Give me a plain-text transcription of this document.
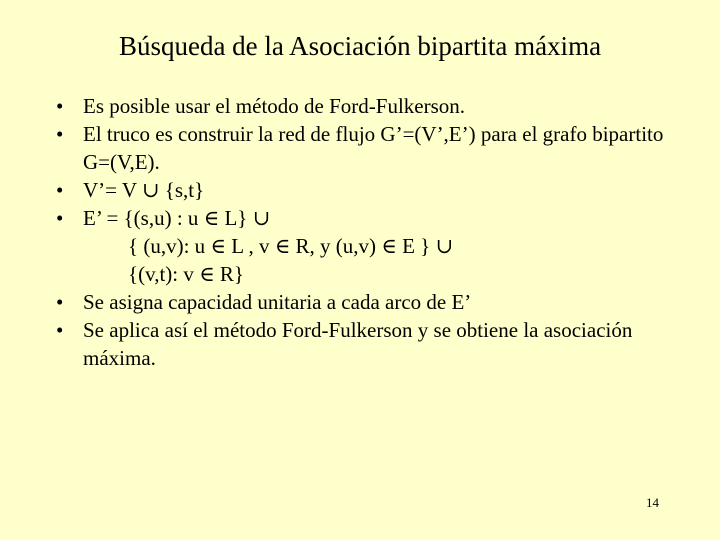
Búsqueda de la Asociación bipartita máxima
• Es posible usar el método de Ford-Fulkerson.
• El truco es construir la red de flujo G’=(V’,E’) para el grafo bipartito G=(V,E).
• V’= V ∪ {s,t}
• E’ = {(s,u) : u ∈ L} ∪
{ (u,v): u ∈ L , v ∈ R, y (u,v) ∈ E } ∪
{(v,t): v ∈ R}
• Se asigna capacidad unitaria a cada arco de E’
• Se aplica así el método Ford-Fulkerson y se obtiene la asociación máxima.
14
